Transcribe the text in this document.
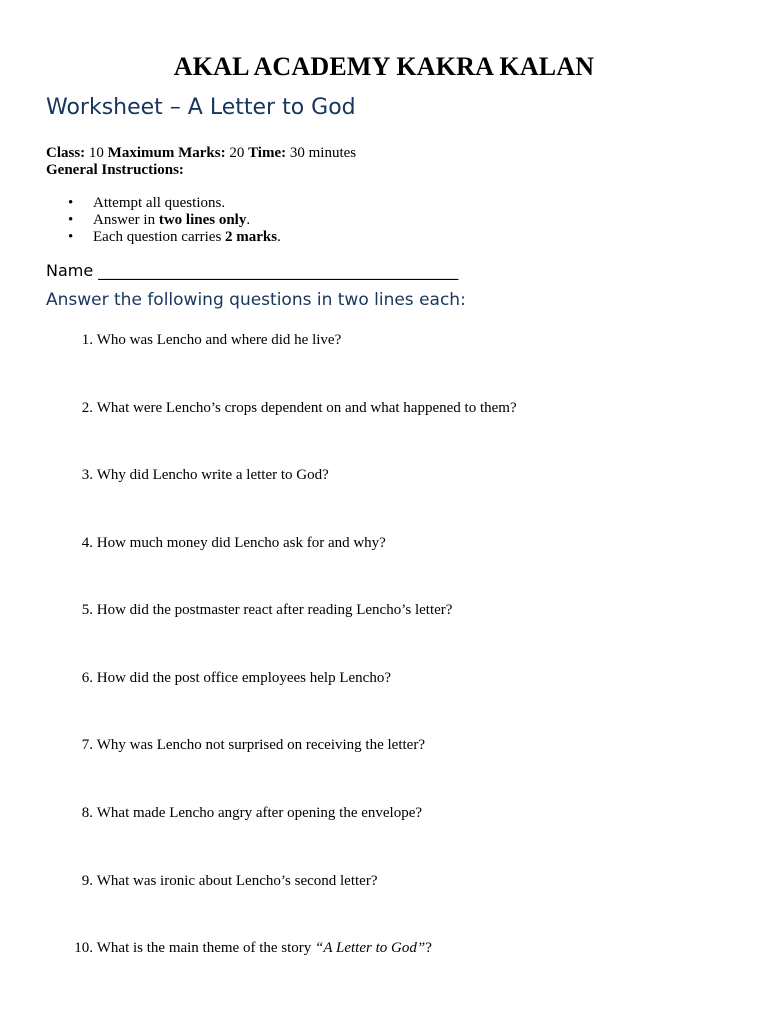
AKAL ACADEMY KAKRA KALAN
Worksheet – A Letter to God
Class: 10 Maximum Marks: 20 Time: 30 minutes
General Instructions:
• Attempt all questions.
• Answer in two lines only.
• Each question carries 2 marks.
Name _____________________________________________
Answer the following questions in two lines each:
1. Who was Lencho and where did he live?
2. What were Lencho’s crops dependent on and what happened to them?
3. Why did Lencho write a letter to God?
4. How much money did Lencho ask for and why?
5. How did the postmaster react after reading Lencho’s letter?
6. How did the post office employees help Lencho?
7. Why was Lencho not surprised on receiving the letter?
8. What made Lencho angry after opening the envelope?
9. What was ironic about Lencho’s second letter?
10. What is the main theme of the story “A Letter to God”?
